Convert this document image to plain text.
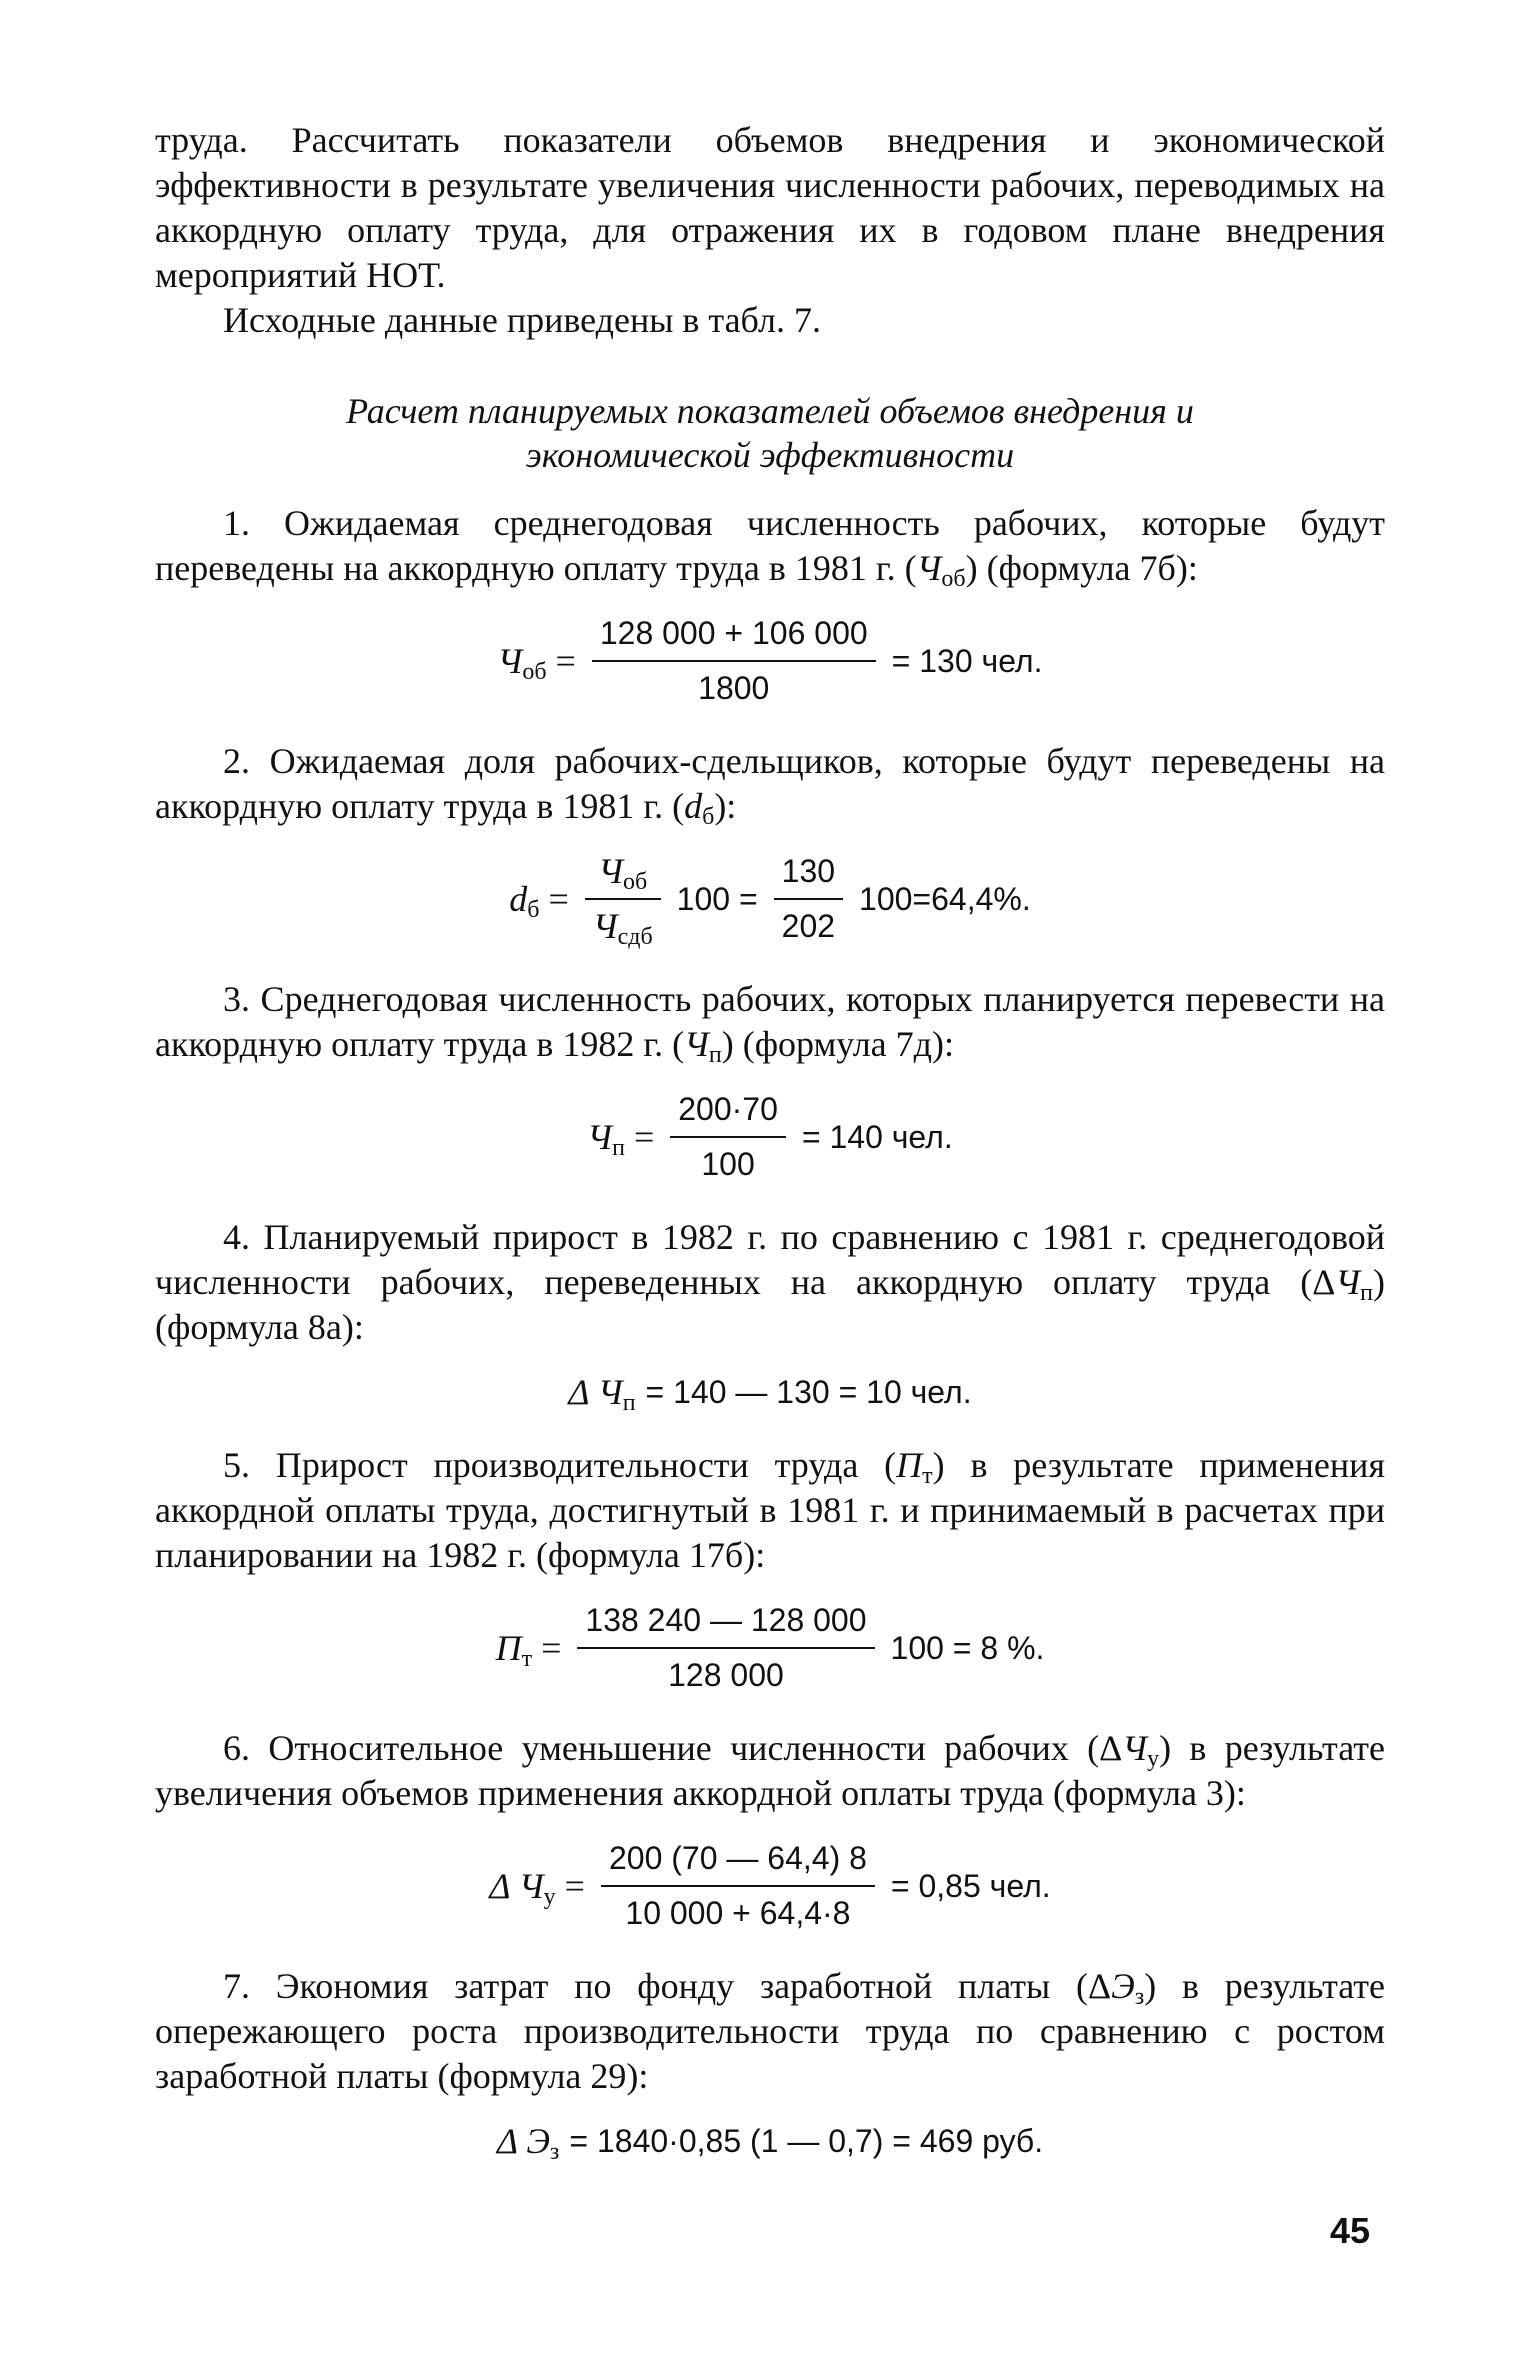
труда. Рассчитать показатели объемов внедрения и экономической эффективности в результате увеличения численности рабочих, переводимых на аккордную оплату труда, для отражения их в годовом плане внедрения мероприятий НОТ.

Исходные данные приведены в табл. 7.

Расчет планируемых показателей объемов внедрения и
экономической эффективности

1. Ожидаемая среднегодовая численность рабочих, которые будут переведены на аккордную оплату труда в 1981 г. $(Ч_{об})$ (формула 7б):

$Ч_{об} = \frac{128 000 + 106 000}{1800} = 130$ чел.

2. Ожидаемая доля рабочих-сдельщиков, которые будут переведены на аккордную оплату труда в 1981 г. $(d_б)$:

$d_б = \frac{Ч_{об}}{Ч_{сдб}} 100 = \frac{130}{202} 100=64,4\%$.

3. Среднегодовая численность рабочих, которых планируется перевести на аккордную оплату труда в 1982 г. $(Ч_п)$ (формула 7д):

$Ч_п = \frac{200\cdot 70}{100} = 140$ чел.

4. Планируемый прирост в 1982 г. по сравнению с 1981 г. среднегодовой численности рабочих, переведенных на аккордную оплату труда $(\Delta Ч_п)$ (формула 8а):

Δ $Ч_п = 140$ — 130 = 10 чел.

5. Прирост производительности труда $(П_т)$ в результате применения аккордной оплаты труда, достигнутый в 1981 г. и принимаемый в расчетах при планировании на 1982 г. (формула 17б):

$П_т = \frac{138 240 — 128 000}{128 000} 100 = 8$ %.

6. Относительное уменьшение численности рабочих $(\Delta Ч_у)$ в результате увеличения объемов применения аккордной оплаты труда (формула 3):

Δ $Ч_у = \frac{200 (70 — 64,4) 8}{10 000 + 64,4\cdot 8} = 0,85$ чел.

7. Экономия затрат по фонду заработной платы $(\Delta Э_з)$ в результате опережающего роста производительности труда по сравнению с ростом заработной платы (формула 29):

Δ $Э_з = 1840\cdot 0,85$ (1 — 0,7) = 469 руб.
45
